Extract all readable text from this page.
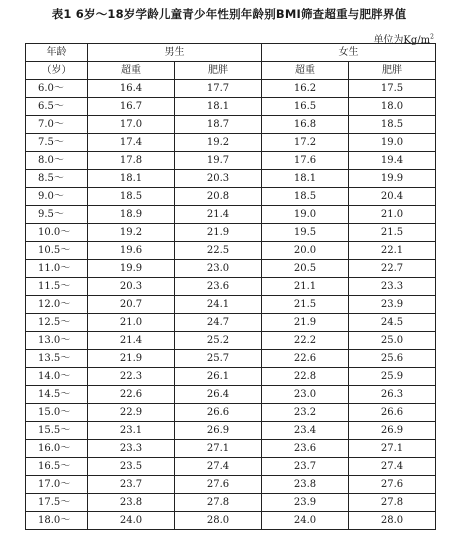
表1 6岁～18岁学龄儿童青少年性别年龄别BMI筛查超重与肥胖界值
单位为$Kg/m^2$
年龄	男生		女生	
（岁）	超重	肥胖	超重	肥胖
6.0～	16.4	17.7	16.2	17.5
6.5～	16.7	18.1	16.5	18.0
7.0～	17.0	18.7	16.8	18.5
7.5～	17.4	19.2	17.2	19.0
8.0～	17.8	19.7	17.6	19.4
8.5～	18.1	20.3	18.1	19.9
9.0～	18.5	20.8	18.5	20.4
9.5～	18.9	21.4	19.0	21.0
10.0～	19.2	21.9	19.5	21.5
10.5～	19.6	22.5	20.0	22.1
11.0～	19.9	23.0	20.5	22.7
11.5～	20.3	23.6	21.1	23.3
12.0～	20.7	24.1	21.5	23.9
12.5～	21.0	24.7	21.9	24.5
13.0～	21.4	25.2	22.2	25.0
13.5～	21.9	25.7	22.6	25.6
14.0～	22.3	26.1	22.8	25.9
14.5～	22.6	26.4	23.0	26.3
15.0～	22.9	26.6	23.2	26.6
15.5～	23.1	26.9	23.4	26.9
16.0～	23.3	27.1	23.6	27.1
16.5～	23.5	27.4	23.7	27.4
17.0～	23.7	27.6	23.8	27.6
17.5～	23.8	27.8	23.9	27.8
18.0～	24.0	28.0	24.0	28.0
